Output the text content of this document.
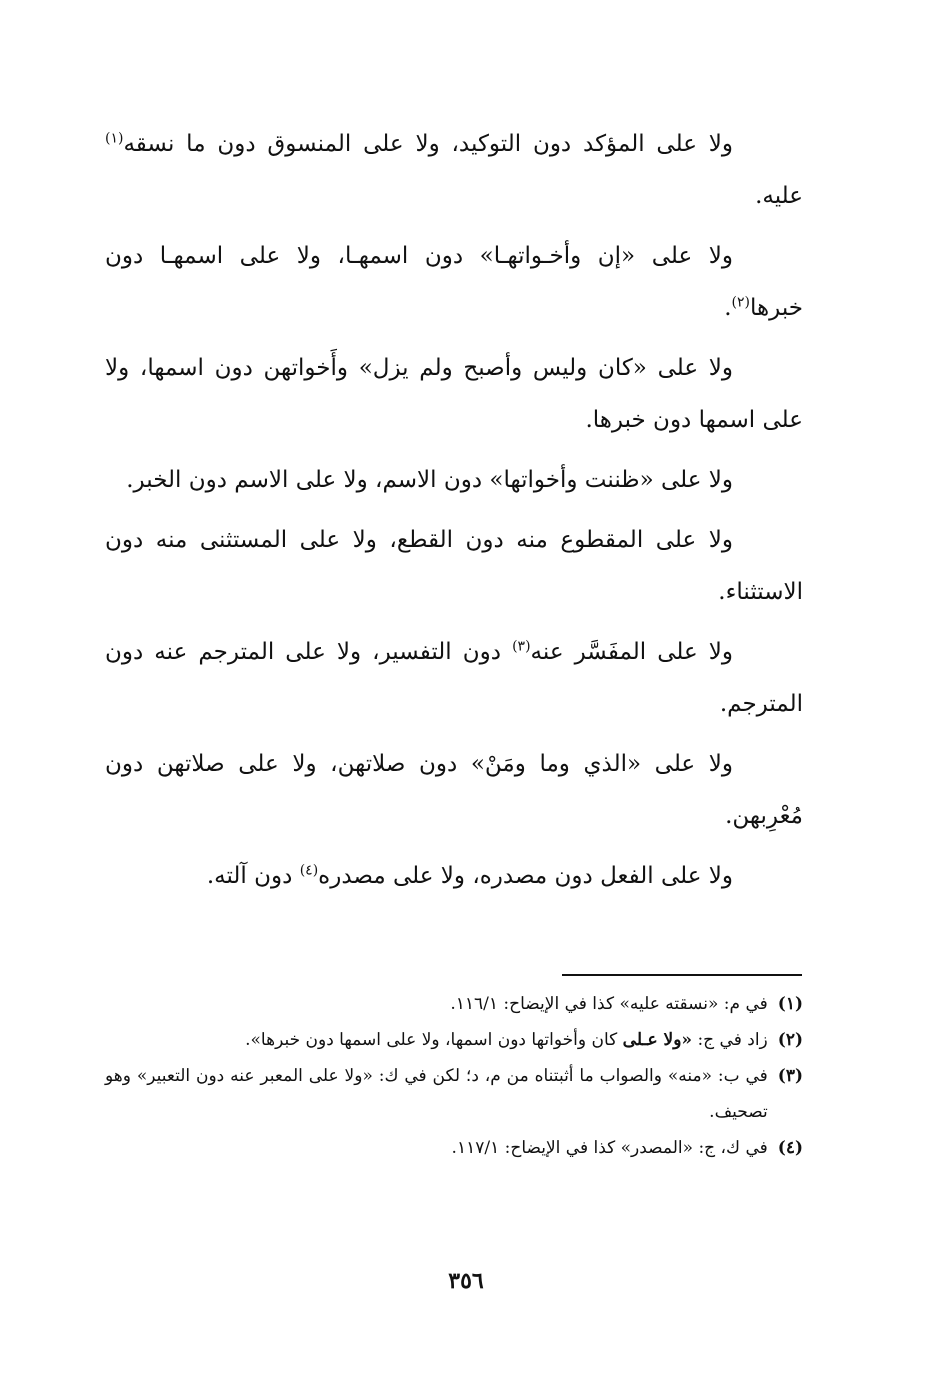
ولا على المؤكد دون التوكيد، ولا على المنسوق دون ما نسقه$^{(١)}$ عليه.

ولا على «إن وأخـواتهـا» دون اسمهـا، ولا على اسمهـا دون خبرها$^{(٢)}$.

ولا على «كان وليس وأصبح ولم يزل» وأَخواتهن دون اسمها، ولا على اسمها دون خبرها.

ولا على «ظننت وأخواتها» دون الاسم، ولا على الاسم دون الخبر.

ولا على المقطوع منه دون القطع، ولا على المستثنى منه دون الاستثناء.

ولا على المفَسَّر عنه$^{(٣)}$ دون التفسير، ولا على المترجم عنه دون المترجم.

ولا على «الذي وما ومَنْ» دون صلاتهن، ولا على صلاتهن دون مُعْرِبهن.

ولا على الفعل دون مصدره، ولا على مصدره$^{(٤)}$ دون آلته.

(١)
في م: «نسقته عليه» كذا في الإيضاح: ١١٦/١.
(٢)
زاد في ج: «ولا عـلى كان وأخواتها دون اسمها، ولا على اسمها دون خبرها».
(٣)
في ب: «منه» والصواب ما أثبتناه من م، د؛ لكن في ك: «ولا على المعبر عنه دون التعبير» وهو تصحيف.
(٤)
في ك، ج: «المصدر» كذا في الإيضاح: ١١٧/١.
٣٥٦
